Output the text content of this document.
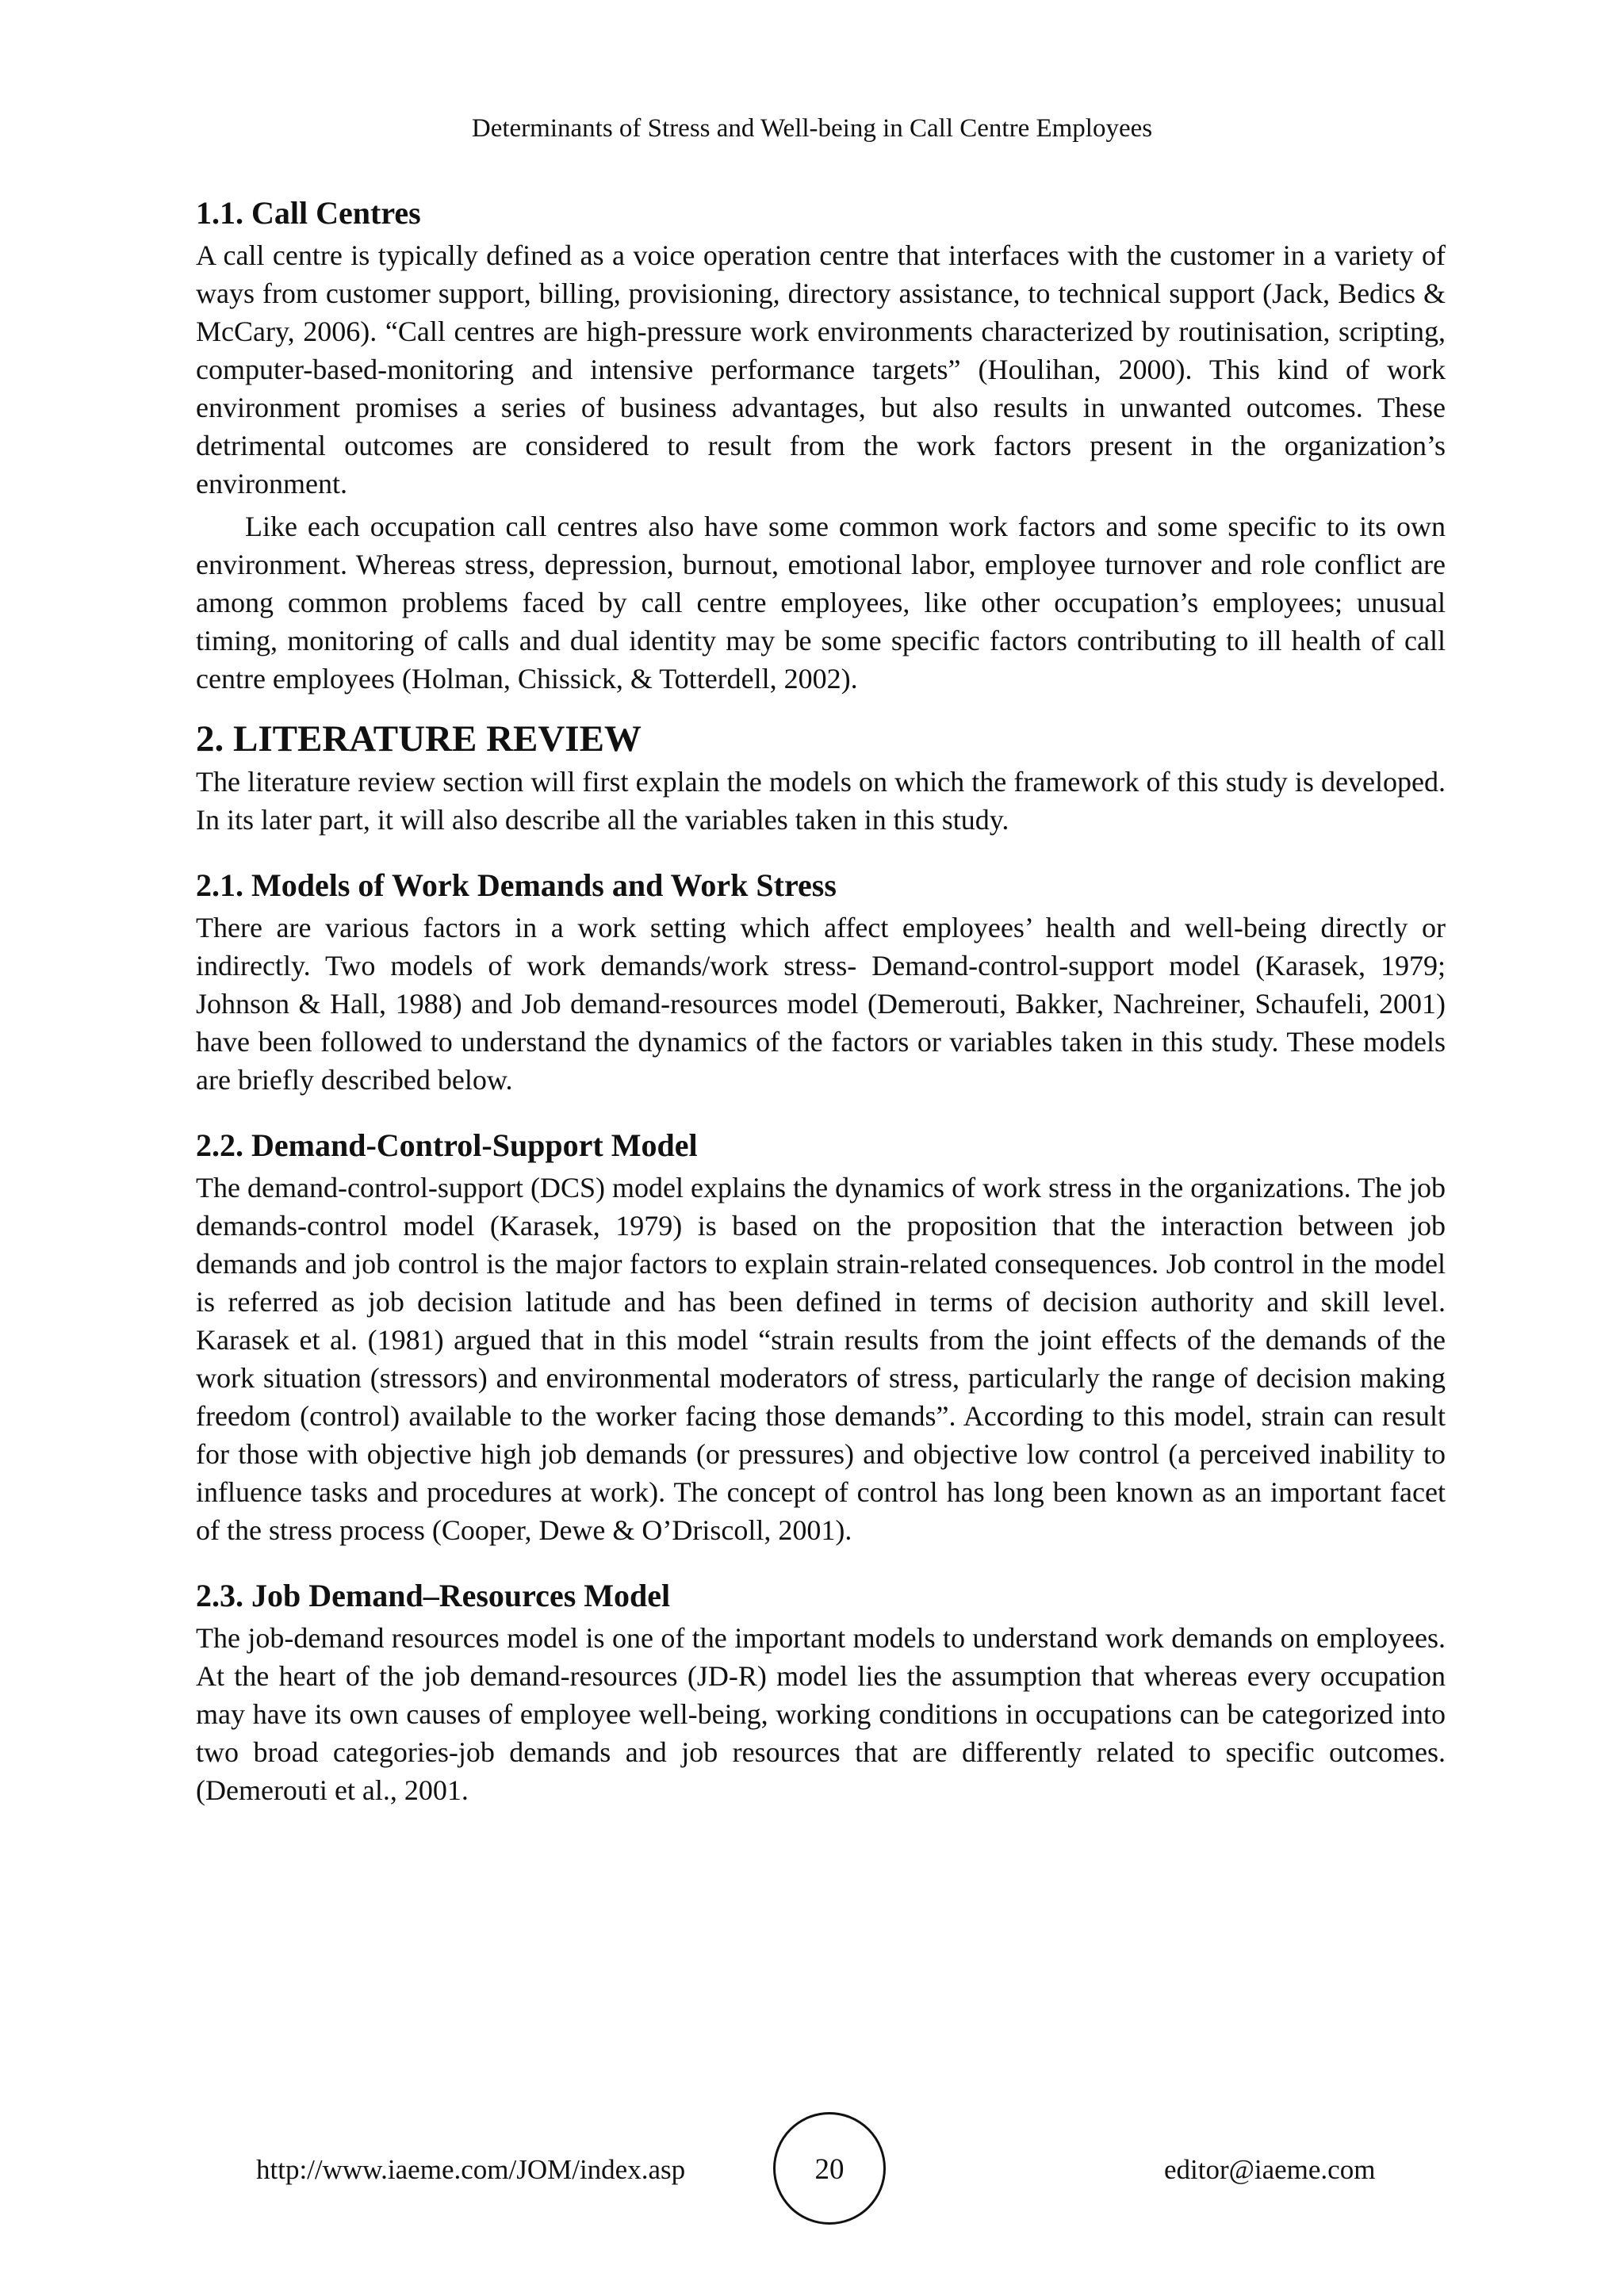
Determinants of Stress and Well-being in Call Centre Employees
1.1. Call Centres

A call centre is typically defined as a voice operation centre that interfaces with the customer in a variety of ways from customer support, billing, provisioning, directory assistance, to technical support (Jack, Bedics & McCary, 2006). “Call centres are high-pressure work environments characterized by routinisation, scripting, computer-based-monitoring and intensive performance targets” (Houlihan, 2000). This kind of work environment promises a series of business advantages, but also results in unwanted outcomes. These detrimental outcomes are considered to result from the work factors present in the organization’s environment.

Like each occupation call centres also have some common work factors and some specific to its own environment. Whereas stress, depression, burnout, emotional labor, employee turnover and role conflict are among common problems faced by call centre employees, like other occupation’s employees; unusual timing, monitoring of calls and dual identity may be some specific factors contributing to ill health of call centre employees (Holman, Chissick, & Totterdell, 2002).

2. LITERATURE REVIEW

The literature review section will first explain the models on which the framework of this study is developed. In its later part, it will also describe all the variables taken in this study.

2.1. Models of Work Demands and Work Stress

There are various factors in a work setting which affect employees’ health and well-being directly or indirectly. Two models of work demands/work stress- Demand-control-support model (Karasek, 1979; Johnson & Hall, 1988) and Job demand-resources model (Demerouti, Bakker, Nachreiner, Schaufeli, 2001) have been followed to understand the dynamics of the factors or variables taken in this study. These models are briefly described below.

2.2. Demand-Control-Support Model

The demand-control-support (DCS) model explains the dynamics of work stress in the organizations. The job demands-control model (Karasek, 1979) is based on the proposition that the interaction between job demands and job control is the major factors to explain strain-related consequences. Job control in the model is referred as job decision latitude and has been defined in terms of decision authority and skill level. Karasek et al. (1981) argued that in this model “strain results from the joint effects of the demands of the work situation (stressors) and environmental moderators of stress, particularly the range of decision making freedom (control) available to the worker facing those demands”. According to this model, strain can result for those with objective high job demands (or pressures) and objective low control (a perceived inability to influence tasks and procedures at work). The concept of control has long been known as an important facet of the stress process (Cooper, Dewe & O’Driscoll, 2001).

2.3. Job Demand–Resources Model

The job-demand resources model is one of the important models to understand work demands on employees. At the heart of the job demand-resources (JD-R) model lies the assumption that whereas every occupation may have its own causes of employee well-being, working conditions in occupations can be categorized into two broad categories-job demands and job resources that are differently related to specific outcomes. (Demerouti et al., 2001.

http://www.iaeme.com/JOM/index.asp	20	editor@iaeme.com
